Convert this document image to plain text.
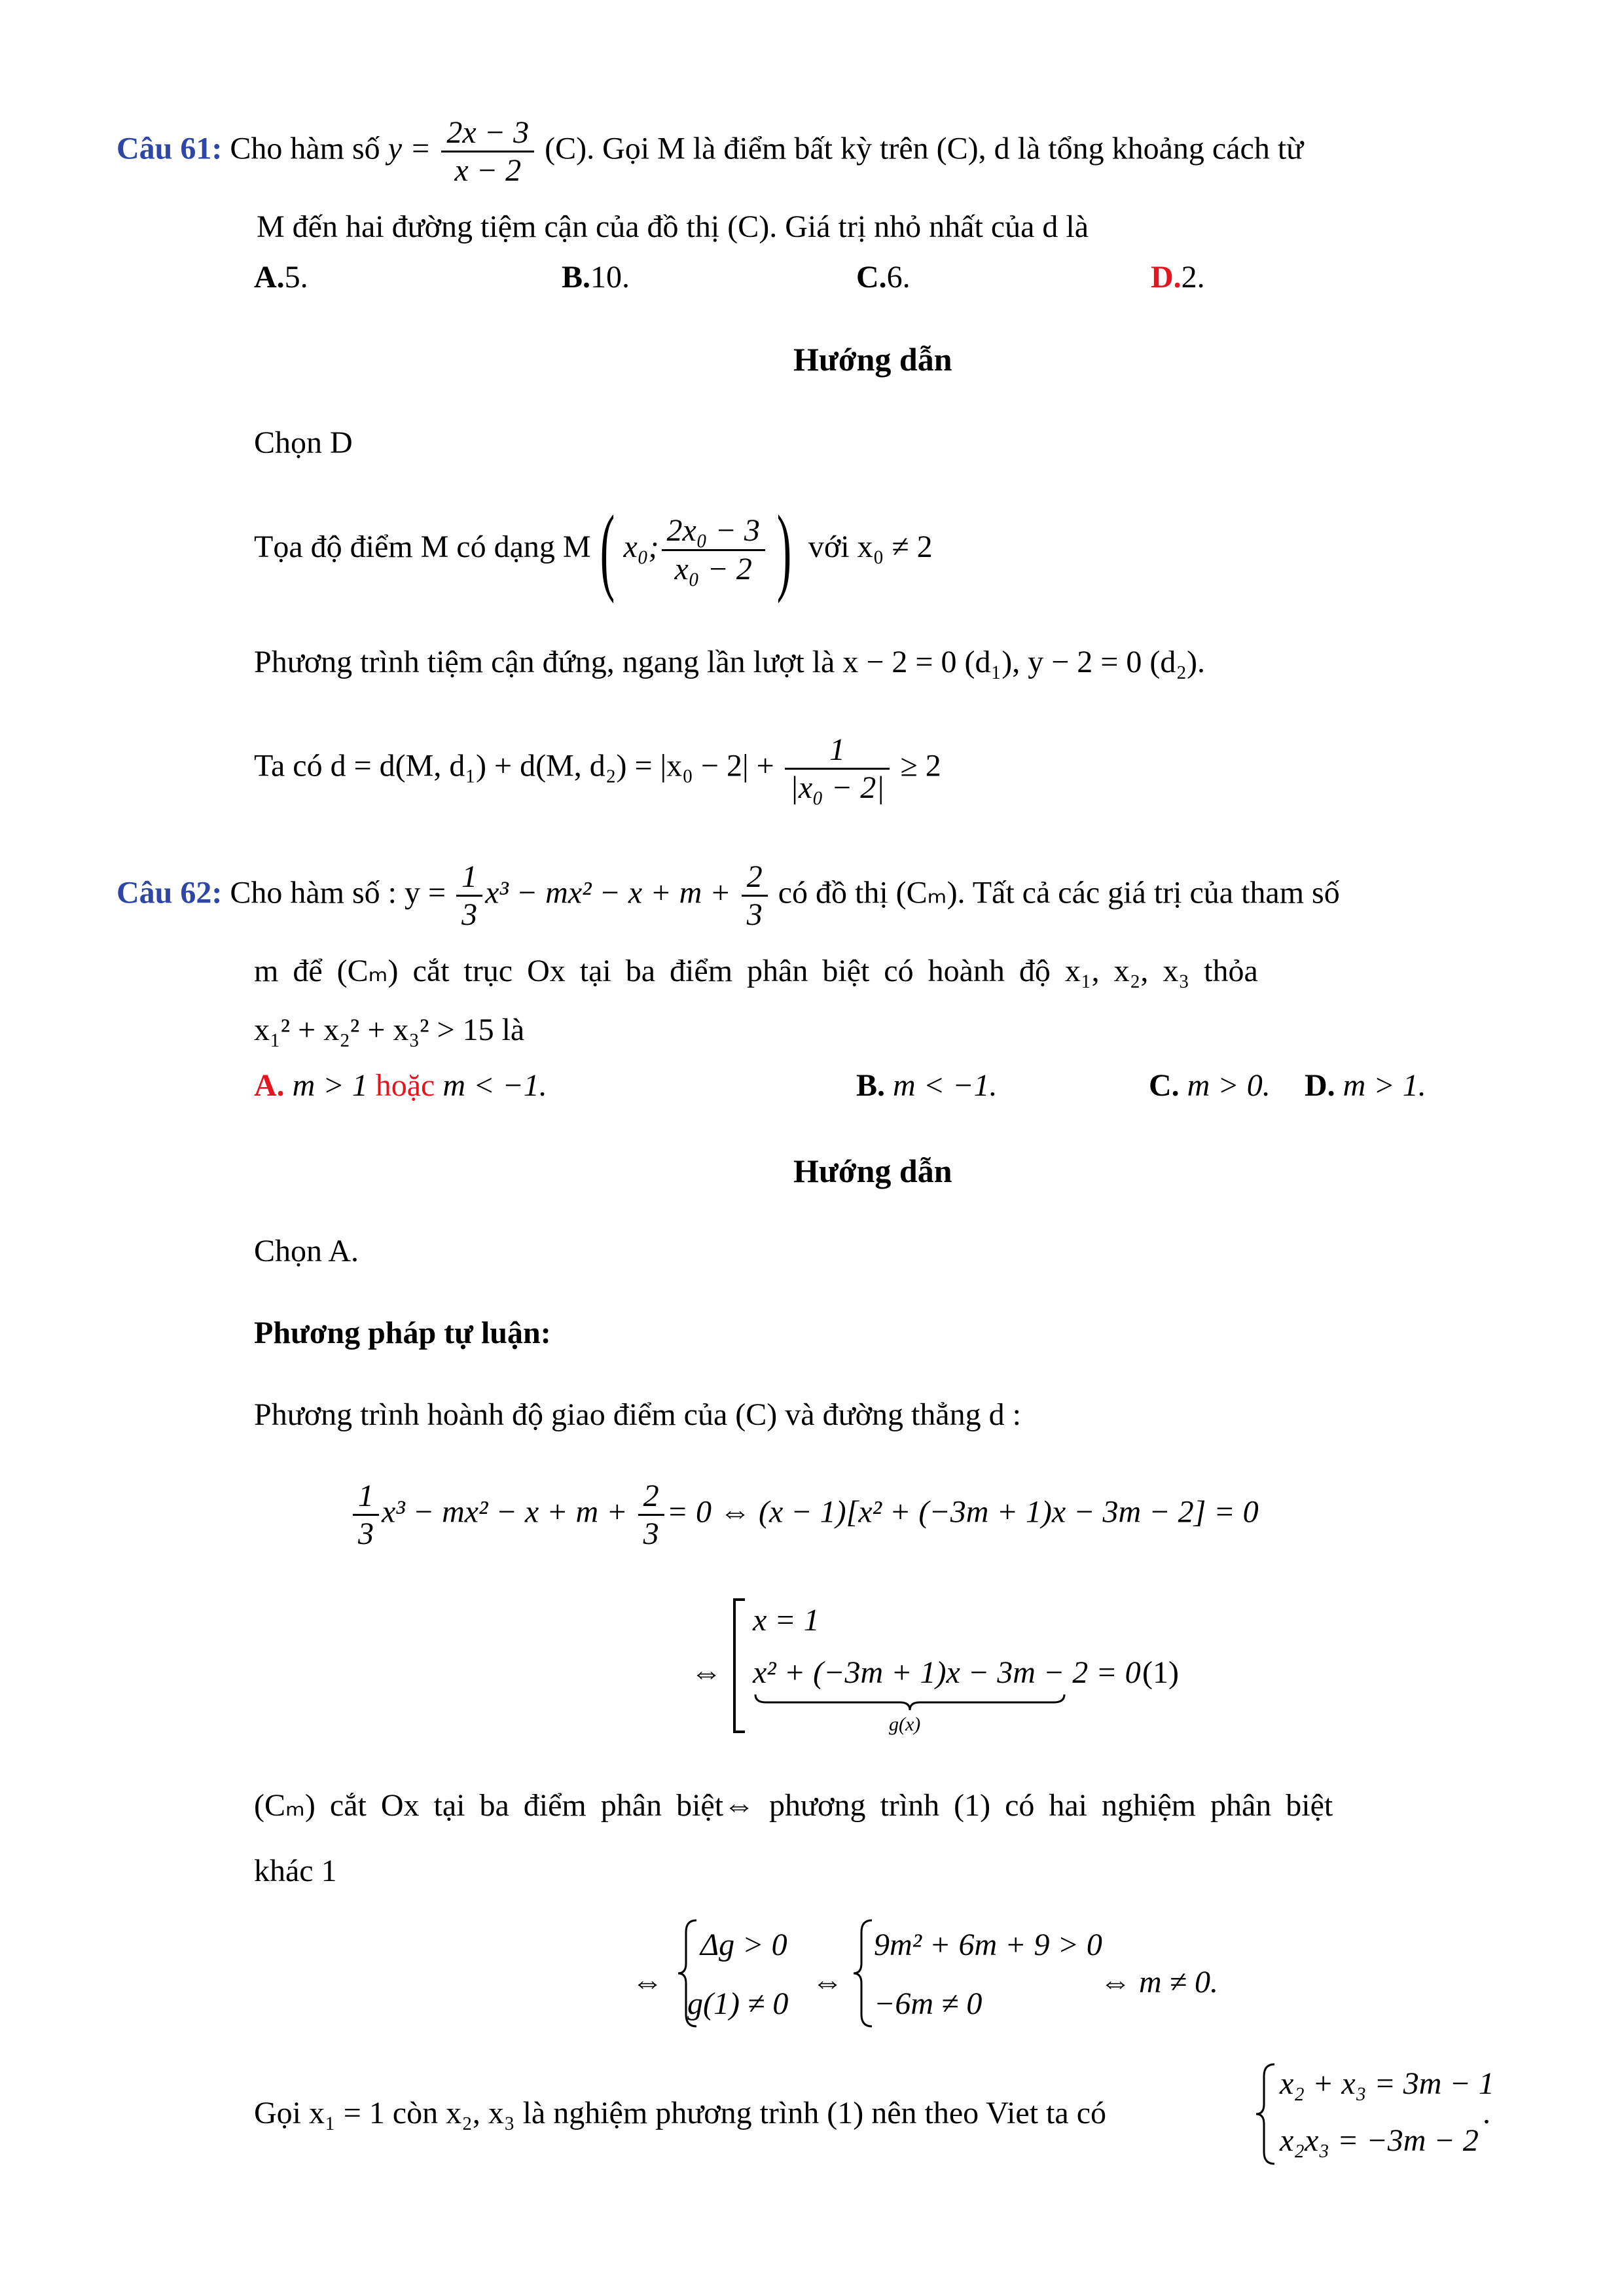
Câu 61: Cho hàm số $y = \frac{2x - 3}{x - 2} (C)$. Gọi M là điểm bất kỳ trên (C), d là tổng khoảng cách từ
M đến hai đường tiệm cận của đồ thị (C). Giá trị nhỏ nhất của d là
A.5.	B.10.	C.6.	D.2.
Hướng dẫn
Chọn D
Tọa độ điểm M có dạng M( x₀; $\frac{\text{2x₀ − 3}}{\text{x₀ − 2}}$ ) với x₀ ≠ 2
Phương trình tiệm cận đứng, ngang lần lượt là x − 2 = 0 (d₁), y − 2 = 0 (d₂).
Ta có d = d(M, d₁) + d(M, $d_2) = |x_0 - 2| + \frac{1}{\text{|x₀ − 2|}} \ge 2$
Câu 62: Cho hàm số : $y = \frac{1}{3} x^3 - mx^2 - x + m + \frac{2}{3}$ có đồ thị (Cₘ). Tất cả các giá trị của tham số
m để (Cₘ) cắt trục Ox tại ba điểm phân biệt có hoành độ x₁, x₂, x₃ thỏa
x₁² + x₂² + x₃² > 15 là
A. m > 1 hoặc m < −1.	B. m < −1.	C. m > 0. D. m > 1.
Hướng dẫn
Chọn A.
Phương pháp tự luận:
Phương trình hoành độ giao điểm của (C) và đường thẳng d :
$\frac{1}{3} x^3 - mx^2 - x + m + \frac{2}{3} = 0$ ⇔ (x − 1)[x² + (−3m + 1)x − 3m − 2] = 0
⇔
x = 1
x² + (−3m + 1)x − 3m − 2 = 0 (1)
g(x)
(Cₘ) cắt Ox tại ba điểm phân biệt⇔ phương trình (1) có hai nghiệm phân biệt
khác 1
⇔
Δg > 0
g(1) ≠ 0
⇔
9m² + 6m + 9 > 0
−6m ≠ 0
⇔ m ≠ 0.
Gọi x₁ = 1 còn x₂, x₃ là nghiệm phương trình (1) nên theo Viet ta có
x₂ + x₃ = 3m − 1
x₂x₃ = −3m − 2
.
